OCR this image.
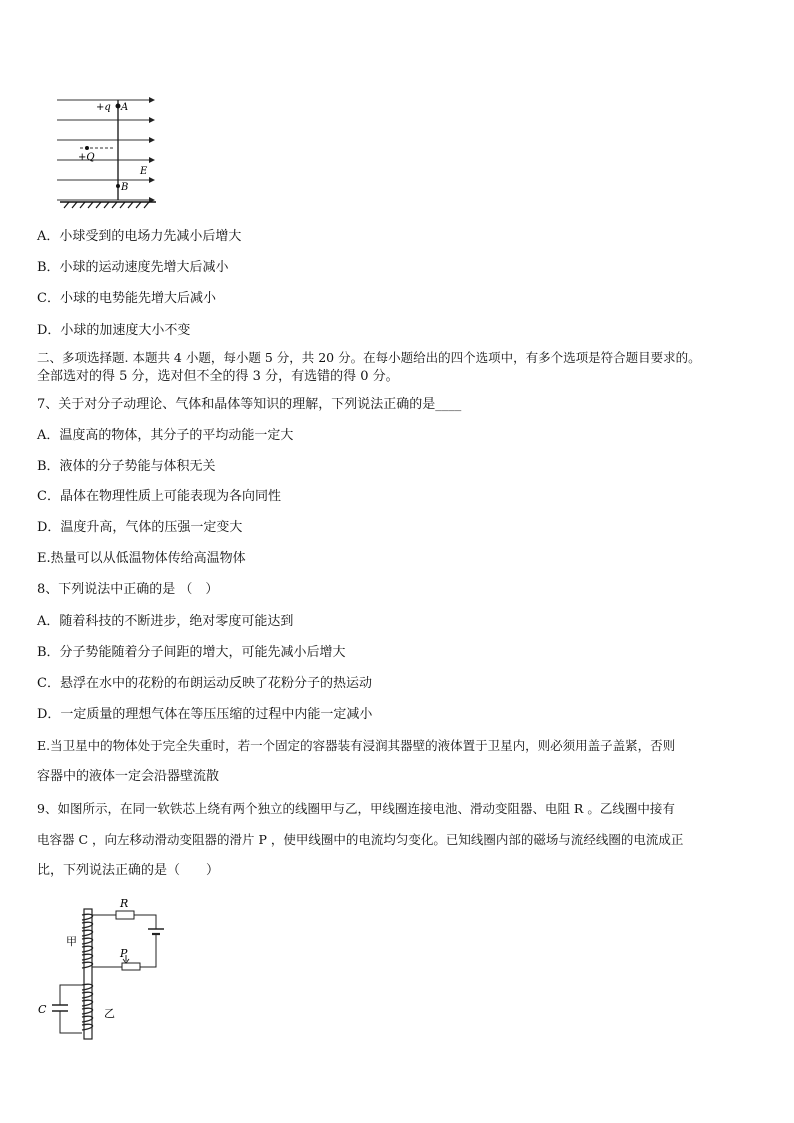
+q A
+Q
E
B
A．小球受到的电场力先减小后增大
B．小球的运动速度先增大后减小
C．小球的电势能先增大后减小
D．小球的加速度大小不变
二、多项选择题. 本题共 4 小题，每小题 5 分，共 20 分。在每小题给出的四个选项中，有多个选项是符合题目要求的。
全部选对的得 5 分，选对但不全的得 3 分，有选错的得 0 分。
7、关于对分子动理论、气体和晶体等知识的理解，下列说法正确的是____
A．温度高的物体，其分子的平均动能一定大
B．液体的分子势能与体积无关
C．晶体在物理性质上可能表现为各向同性
D．温度升高，气体的压强一定变大
E.热量可以从低温物体传给高温物体
8、下列说法中正确的是 （　）
A．随着科技的不断进步，绝对零度可能达到
B．分子势能随着分子间距的增大，可能先减小后增大
C．悬浮在水中的花粉的布朗运动反映了花粉分子的热运动
D．一定质量的理想气体在等压压缩的过程中内能一定减小
E.当卫星中的物体处于完全失重时，若一个固定的容器装有浸润其器壁的液体置于卫星内，则必须用盖子盖紧，否则
容器中的液体一定会沿器壁流散
9、如图所示，在同一软铁芯上绕有两个独立的线圈甲与乙，甲线圈连接电池、滑动变阻器、电阻 R 。乙线圈中接有
电容器 C ，向左移动滑动变阻器的滑片 P ，使甲线圈中的电流均匀变化。已知线圈内部的磁场与流经线圈的电流成正
比，下列说法正确的是（　　）
R
甲
P
C	乙
